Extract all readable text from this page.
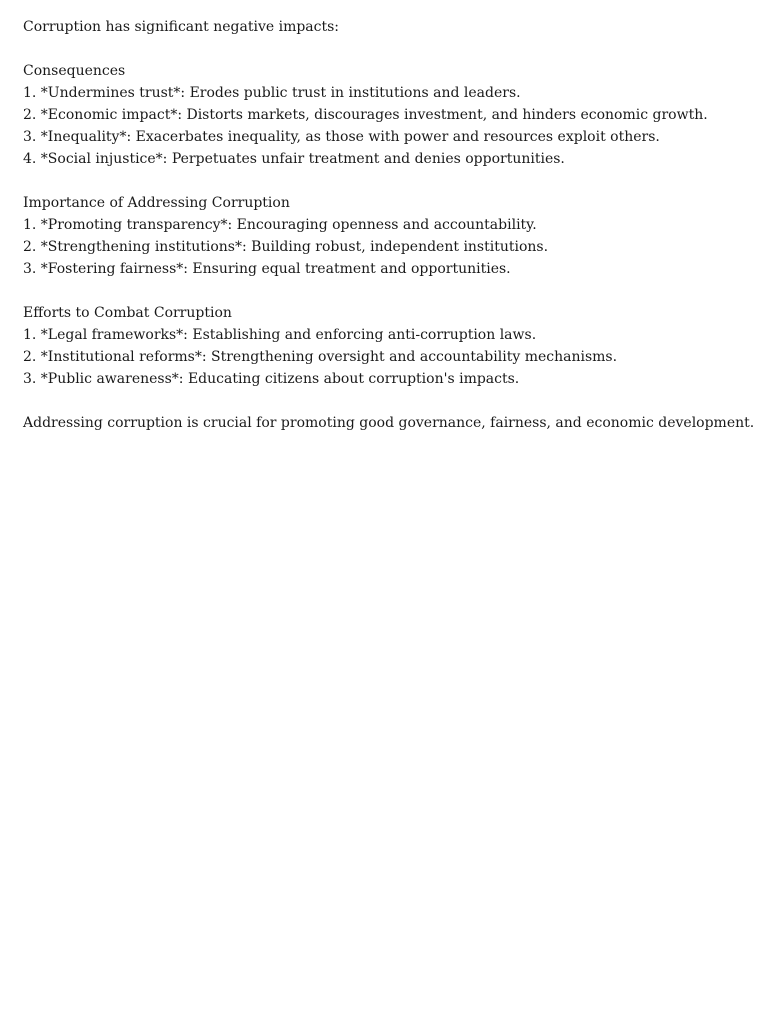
Corruption has significant negative impacts:

Consequences

1. *Undermines trust*: Erodes public trust in institutions and leaders.
2. *Economic impact*: Distorts markets, discourages investment, and hinders economic growth.
3. *Inequality*: Exacerbates inequality, as those with power and resources exploit others.
4. *Social injustice*: Perpetuates unfair treatment and denies opportunities.

Importance of Addressing Corruption

1. *Promoting transparency*: Encouraging openness and accountability.
2. *Strengthening institutions*: Building robust, independent institutions.
3. *Fostering fairness*: Ensuring equal treatment and opportunities.

Efforts to Combat Corruption

1. *Legal frameworks*: Establishing and enforcing anti-corruption laws.
2. *Institutional reforms*: Strengthening oversight and accountability mechanisms.
3. *Public awareness*: Educating citizens about corruption's impacts.

Addressing corruption is crucial for promoting good governance, fairness, and economic development.
